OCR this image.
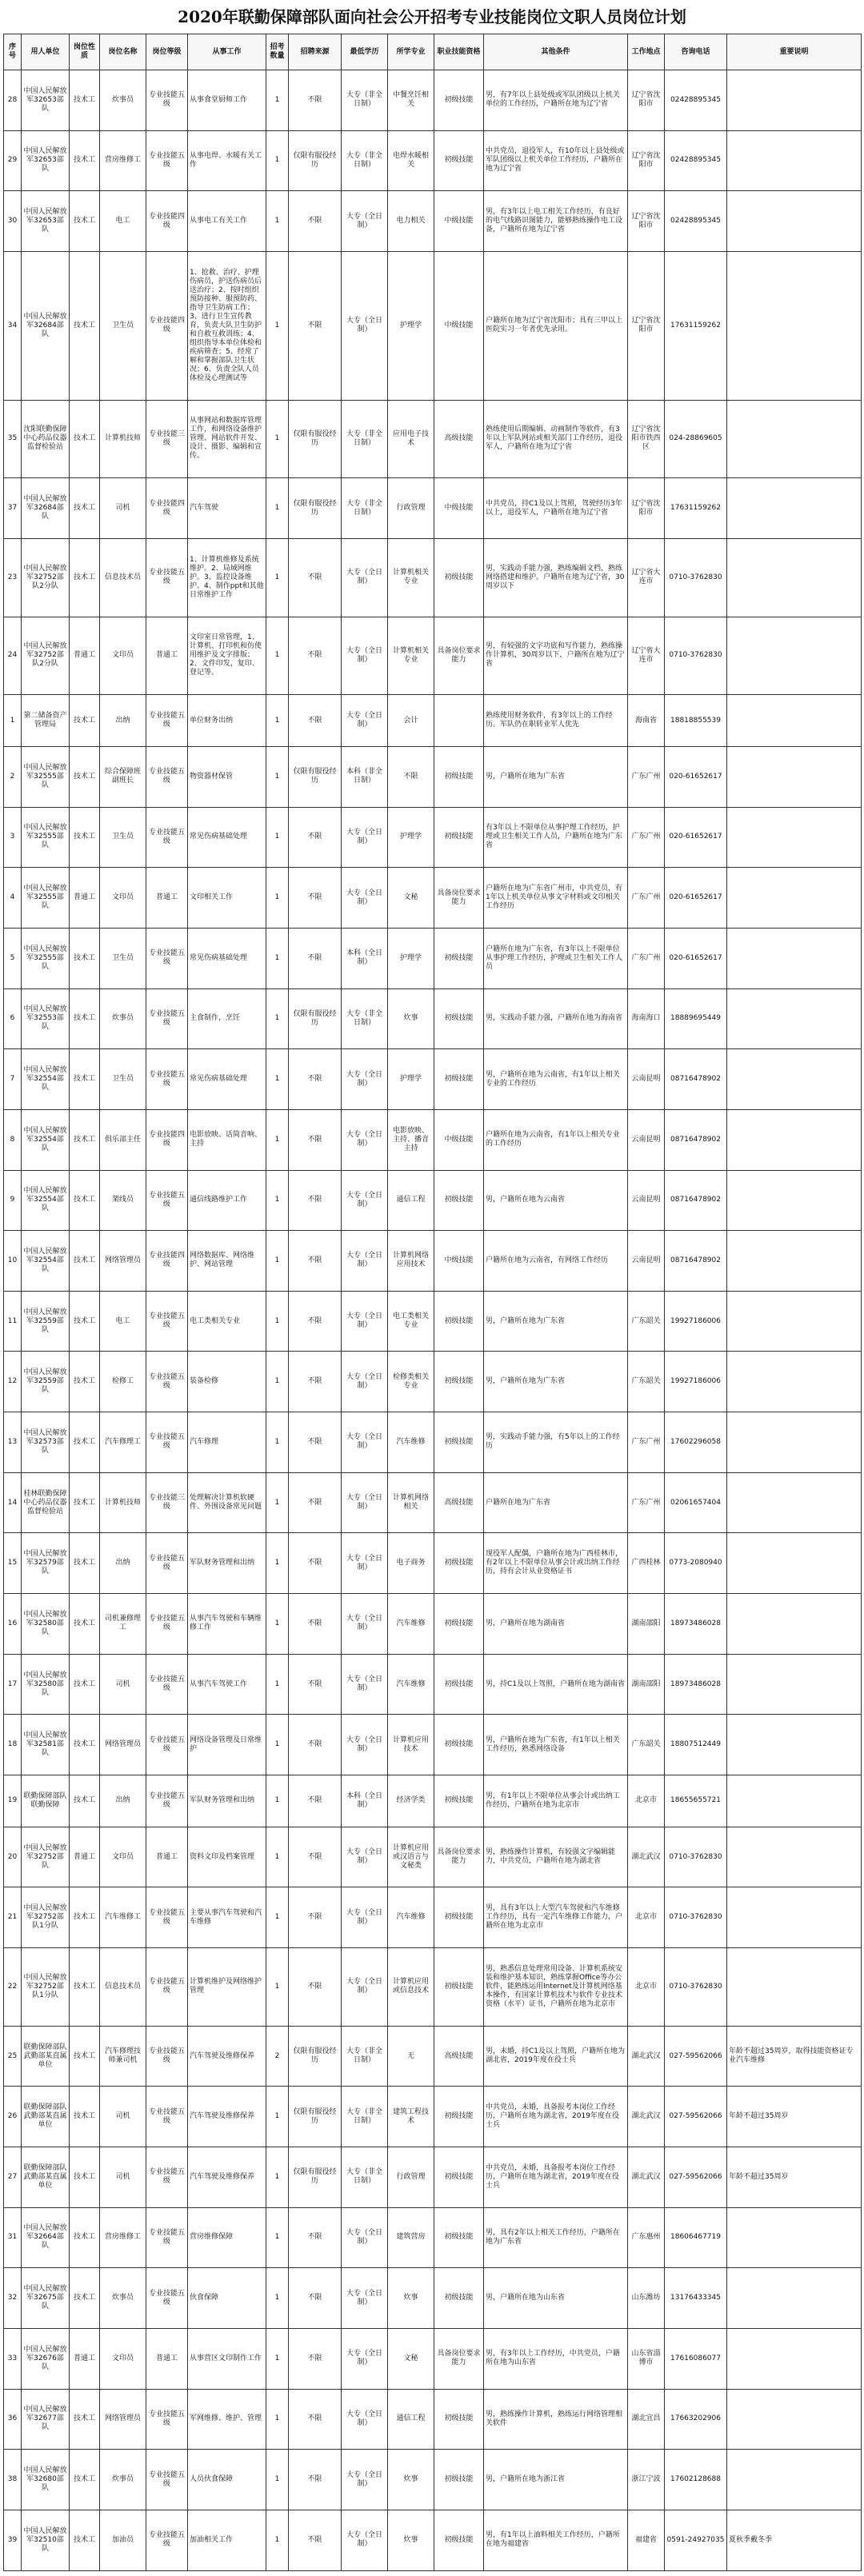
2020年联勤保障部队面向社会公开招考专业技能岗位文职人员岗位计划
序号	用人单位	岗位性质	岗位名称	岗位等级	从事工作	招考数量	招聘来源	最低学历	所学专业	职业技能资格	其他条件	工作地点	咨询电话	重要说明
28	中国人民解放军32653部队	技术工	炊事员	专业技能五级	从事食堂厨师工作	1	不限	大专（非全日制）	中餐烹饪相关	初级技能	男，有7年以上县处级或军队团级以上机关单位的工作经历，户籍所在地为辽宁省	辽宁省沈阳市	02428895345	
29	中国人民解放军32653部队	技术工	营房维修工	专业技能五级	从事电焊、水暖有关工作	1	仅限有服役经历	大专（非全日制）	电焊水暖相关	初级技能	中共党员，退役军人，有10年以上县处级或军队团级以上机关单位工作经历，户籍所在地为辽宁省	辽宁省沈阳市	02428895345	
30	中国人民解放军32653部队	技术工	电工	专业技能四级	从事电工有关工作	1	不限	大专（全日制）	电力相关	中级技能	男，有3年以上电工相关工作经历，有良好的电气线路识图能力，能够熟练操作电工设备，户籍所在地为辽宁省	辽宁省沈阳市	02428895345	
34	中国人民解放军32684部队	技术工	卫生员	专业技能四级	1、抢救、治疗、护理伤病员，护送伤病员后送治疗；2、按时组织预防接种、服预防药、指导卫生防病工作；3、进行卫生宣传教育，负责大队卫生防护和自救互救训练；4、组织指导本单位体检和疾病筛查；5、经常了解和掌握部队卫生状况；6、负责全队人员体检及心理测试等	1	不限	大专（全日制）	护理学	中级技能	户籍所在地为辽宁省沈阳市；具有三甲以上医院实习一年者优先录用。	辽宁省沈阳市	17631159262	
35	沈阳联勤保障中心药品仪器监督检验站	技术工	计算机技师	专业技能三级	从事网站和数据库管理工作，和网络设备维护管理、网站软件开发、设计、摄影、编辑和宣传。	1	仅限有服役经历	大专（非全日制）	应用电子技术	高级技能	熟练使用后期编辑、动画制作等软件，有3年以上军队网站或相关部门工作经历，退役军人，户籍所在地为辽宁省	辽宁省沈阳市铁西区	024-28869605	
37	中国人民解放军32684部队	技术工	司机	专业技能四级	汽车驾驶	1	仅限有服役经历	大专（非全日制）	行政管理	中级技能	中共党员，持C1及以上驾照，驾驶经历3年以上，退役军人，户籍所在地为辽宁省	辽宁省沈阳市	17631159262	
23	中国人民解放军32752部队2分队	技术工	信息技术员	专业技能五级	1、计算机维修及系统维护。2、局域网维护。3、监控设备维护。4、制作ppt和其他日常维护工作	1	不限	大专（全日制）	计算机相关专业	初级技能	男，实践动手能力强，熟练编辑文档，熟练网络搭建和维护。户籍所在地为辽宁省，30周岁以下	辽宁省大连市	0710-3762830	
24	中国人民解放军32752部队2分队	普通工	文印员	普通工	文印室日常管理，1、计算机、打印机和仿使用维护及文字排版；2、文件印发，复印、登记等。	1	不限	大专（全日制）	计算机相关专业	具备岗位要求能力	男，有较强的文字功底和写作能力，熟练操作计算机，30周岁以下，户籍所在地为辽宁省	辽宁省大连市	0710-3762830	
1	第二储备资产管理局	技术工	出纳	专业技能五级	单位财务出纳	1	不限	大专（全日制）	会计		熟练使用财务软件，有3年以上的工作经历。军队仍在职转业军人优先	海南省	18818855539	
2	中国人民解放军32555部队	技术工	综合保障班副班长	专业技能五级	物资器材保管	1	仅限有服役经历	本科（非全日制）	不限	初级技能	男，户籍所在地为广东省	广东广州	020-61652617	
3	中国人民解放军32555部队	技术工	卫生员	专业技能五级	常见伤病基础处理	1	不限	大专（全日制）	护理学	初级技能	有3年以上不限单位从事护理工作经历，护理或卫生相关工作人员，户籍所在地为广东省	广东广州	020-61652617	
4	中国人民解放军32555部队	普通工	文印员	普通工	文印相关工作	1	不限	大专（全日制）	文秘	具备岗位要求能力	户籍所在地为广东省广州市，中共党员，有1年以上机关单位从事文字材料或文印相关工作经历	广东广州	020-61652617	
5	中国人民解放军32555部队	技术工	卫生员	专业技能五级	常见伤病基础处理	1	不限	本科（全日制）	护理学	初级技能	户籍所在地为广东省，有3年以上不限单位从事护理工作经历，护理或卫生相关工作人员	广东广州	020-61652617	
6	中国人民解放军32553部队	技术工	炊事员	专业技能五级	主食制作，烹饪	1	仅限有服役经历	大专（非全日制）	炊事	初级技能	男，实践动手能力强，户籍所在地为海南省	海南海口	18889695449	
7	中国人民解放军32554部队	技术工	卫生员	专业技能五级	常见伤病基础处理	1	不限	大专（全日制）	护理学	初级技能	男，户籍所在地为云南省，有1年以上相关专业的工作经历	云南昆明	08716478902	
8	中国人民解放军32554部队	技术工	俱乐部主任	专业技能四级	电影放映、话筒音响、主持	1	不限	大专（全日制）	电影放映、主持、播音主持	中级技能	户籍所在地为云南省，有1年以上相关专业的工作经历	云南昆明	08716478902	
9	中国人民解放军32554部队	技术工	架线员	专业技能五级	通信线路维护工作	1	不限	大专（全日制）	通信工程	初级技能	男，户籍所在地为云南省	云南昆明	08716478902	
10	中国人民解放军32554部队	技术工	网络管理员	专业技能四级	网络数据库、网络维护、网站管理	1	不限	大专（全日制）	计算机网络应用技术	中级技能	户籍所在地为云南省，有网络工作经历	云南昆明	08716478902	
11	中国人民解放军32559部队	技术工	电工	专业技能五级	电工类相关专业	1	不限	大专（全日制）	电工类相关专业	初级技能	男，户籍所在地为广东省	广东韶关	19927186006	
12	中国人民解放军32559部队	技术工	检修工	专业技能五级	装备检修	1	不限	大专（全日制）	检修类相关专业	初级技能	男，户籍所在地为广东省	广东韶关	19927186006	
13	中国人民解放军32573部队	技术工	汽车修理工	专业技能五级	汽车修理	1	不限	大专（全日制）	汽车维修	初级技能	男，实践动手能力强，有5年以上的工作经历	广东广州	17602296058	
14	桂林联勤保障中心药品仪器监督检验站	技术工	计算机技师	专业技能三级	处理解决计算机软硬件、外围设备常见问题	1	不限	大专（全日制）	计算机网络相关	高级技能	户籍所在地为广东省	广东广州	02061657404	
15	中国人民解放军32579部队	技术工	出纳	专业技能五级	军队财务管理和出纳	1	不限	大专（全日制）	电子商务	初级技能	现役军人配偶，户籍所在地为广西桂林市，有2年以上不限单位从事会计或出纳工作经历，持有会计从业资格证书	广西桂林	0773-2080940	
16	中国人民解放军32580部队	技术工	司机兼修理工	专业技能五级	从事汽车驾驶和车辆维修工作	1	不限	大专（全日制）	汽车维修	初级技能	男，户籍所在地为湖南省	湖南邵阳	18973486028	
17	中国人民解放军32580部队	技术工	司机	专业技能五级	从事汽车驾驶工作	1	不限	大专（全日制）	汽车维修	初级技能	男，持C1及以上驾照，户籍所在地为湖南省	湖南邵阳	18973486028	
18	中国人民解放军32581部队	技术工	网络管理员	专业技能五级	网络设备管理及日常维护	1	不限	大专（全日制）	计算机应用技术	初级技能	男，户籍所在地为广东省，有1年以上相关工作经历，熟悉网络设备	广东韶关	18807512449	
19	联勤保障部队联勤保障	技术工	出纳	专业技能五级	军队财务管理和出纳	1	不限	本科（全日制）	经济学类	初级技能	男，有1年以上不限单位从事会计或出纳工作经历，户籍所在地为北京市	北京市	18655655721	
20	中国人民解放军32752部队	普通工	文印员	普通工	资料文印及档案管理	1	不限	大专（全日制）	计算机应用或汉语言与文秘类	具备岗位要求能力	男，熟练操作计算机，有较强文字编辑能力，中共党员，户籍所在地为湖北省	湖北武汉	0710-3762830	
21	中国人民解放军32752部队1分队	技术工	汽车维修工	专业技能五级	主要从事汽车驾驶和汽车维修	1	不限	大专（全日制）	汽车维修	初级技能	男，具有3年以上大型汽车驾驶和汽车维修工作经历，具有一定汽车维修工作能力，户籍所在地为北京市	北京市	0710-3762830	
22	中国人民解放军32752部队1分队	技术工	信息技术员	专业技能五级	计算机维护及网络维护管理	1	不限	大专（全日制）	计算机应用或信息技术	初级技能	男，熟悉信息处理常用设备、计算机系统安装和维护基本知识，熟练掌握Office等办公软件，能熟练运用Internet及计算机网络基本操作，有国家计算机技术与软件专业技术资格（水平）证书，户籍所在地为北京市	北京市	0710-3762830	
25	联勤保障部队武勤部某直属单位	技术工	汽车修理技师兼司机	专业技能五级	汽车驾驶及维修保养	2	仅限有服役经历	大专（非全日制）	无	高级技能	男，未婚，持C1及以上驾照，户籍所在地为湖北省，2019年度在役士兵	湖北武汉	027-59562066	年龄不超过35周岁，取得技能资格证专业汽车维修
26	联勤保障部队武勤部某直属单位	技术工	司机	专业技能五级	汽车驾驶及维修保养	1	仅限有服役经历	大专（非全日制）	建筑工程技术	初级技能	中共党员，未婚，具备报考本岗位工作经历，户籍所在地为湖北省，2019年度在役士兵	湖北武汉	027-59562066	年龄不超过35周岁
27	联勤保障部队武勤部某直属单位	技术工	司机	专业技能五级	汽车驾驶及维修保养	1	仅限有服役经历	大专（非全日制）	行政管理	初级技能	中共党员，未婚，具备报考本岗位工作经历，户籍所在地为湖北省，2019年度在役士兵	湖北武汉	027-59562066	年龄不超过35周岁
31	中国人民解放军32664部队	技术工	营房维修工	专业技能五级	营房维修保障	1	不限	大专（全日制）	建筑营房	初级技能	男，具有2年以上相关工作经历，户籍所在地为广东省	广东惠州	18606467719	
32	中国人民解放军32675部队	技术工	炊事员	专业技能五级	伙食保障	1	不限	大专（全日制）	炊事	初级技能	男，户籍所在地为山东省	山东潍坊	13176433345	
33	中国人民解放军32676部队	普通工	文印员	普通工	从事营区文印制作工作	1	不限	大专（全日制）	文秘	具备岗位要求能力	男，有3年以上工作经历，中共党员，户籍所在地为山东省	山东省淄博市	17616086077	
36	中国人民解放军32677部队	技术工	网络管理员	专业技能五级	军网维修、维护、管理	1	不限	大专（全日制）	通信工程	初级技能	男，熟练操作计算机，熟练运行网络管理相关软件	湖北宜昌	17663202906	
38	中国人民解放军32680部队	技术工	炊事员	专业技能五级	人员伙食保障	1	不限	大专（全日制）	炊事	初级技能	男，户籍所在地为浙江省	浙江宁波	17602128688	
39	中国人民解放军32510部队	技术工	加油员	专业技能五级	加油相关工作	1	不限	大专（全日制）	炊事	初级技能	男，有1年以上油料相关工作经历，户籍所在地为福建省	福建省	0591-24927035	夏秋季戴冬季
